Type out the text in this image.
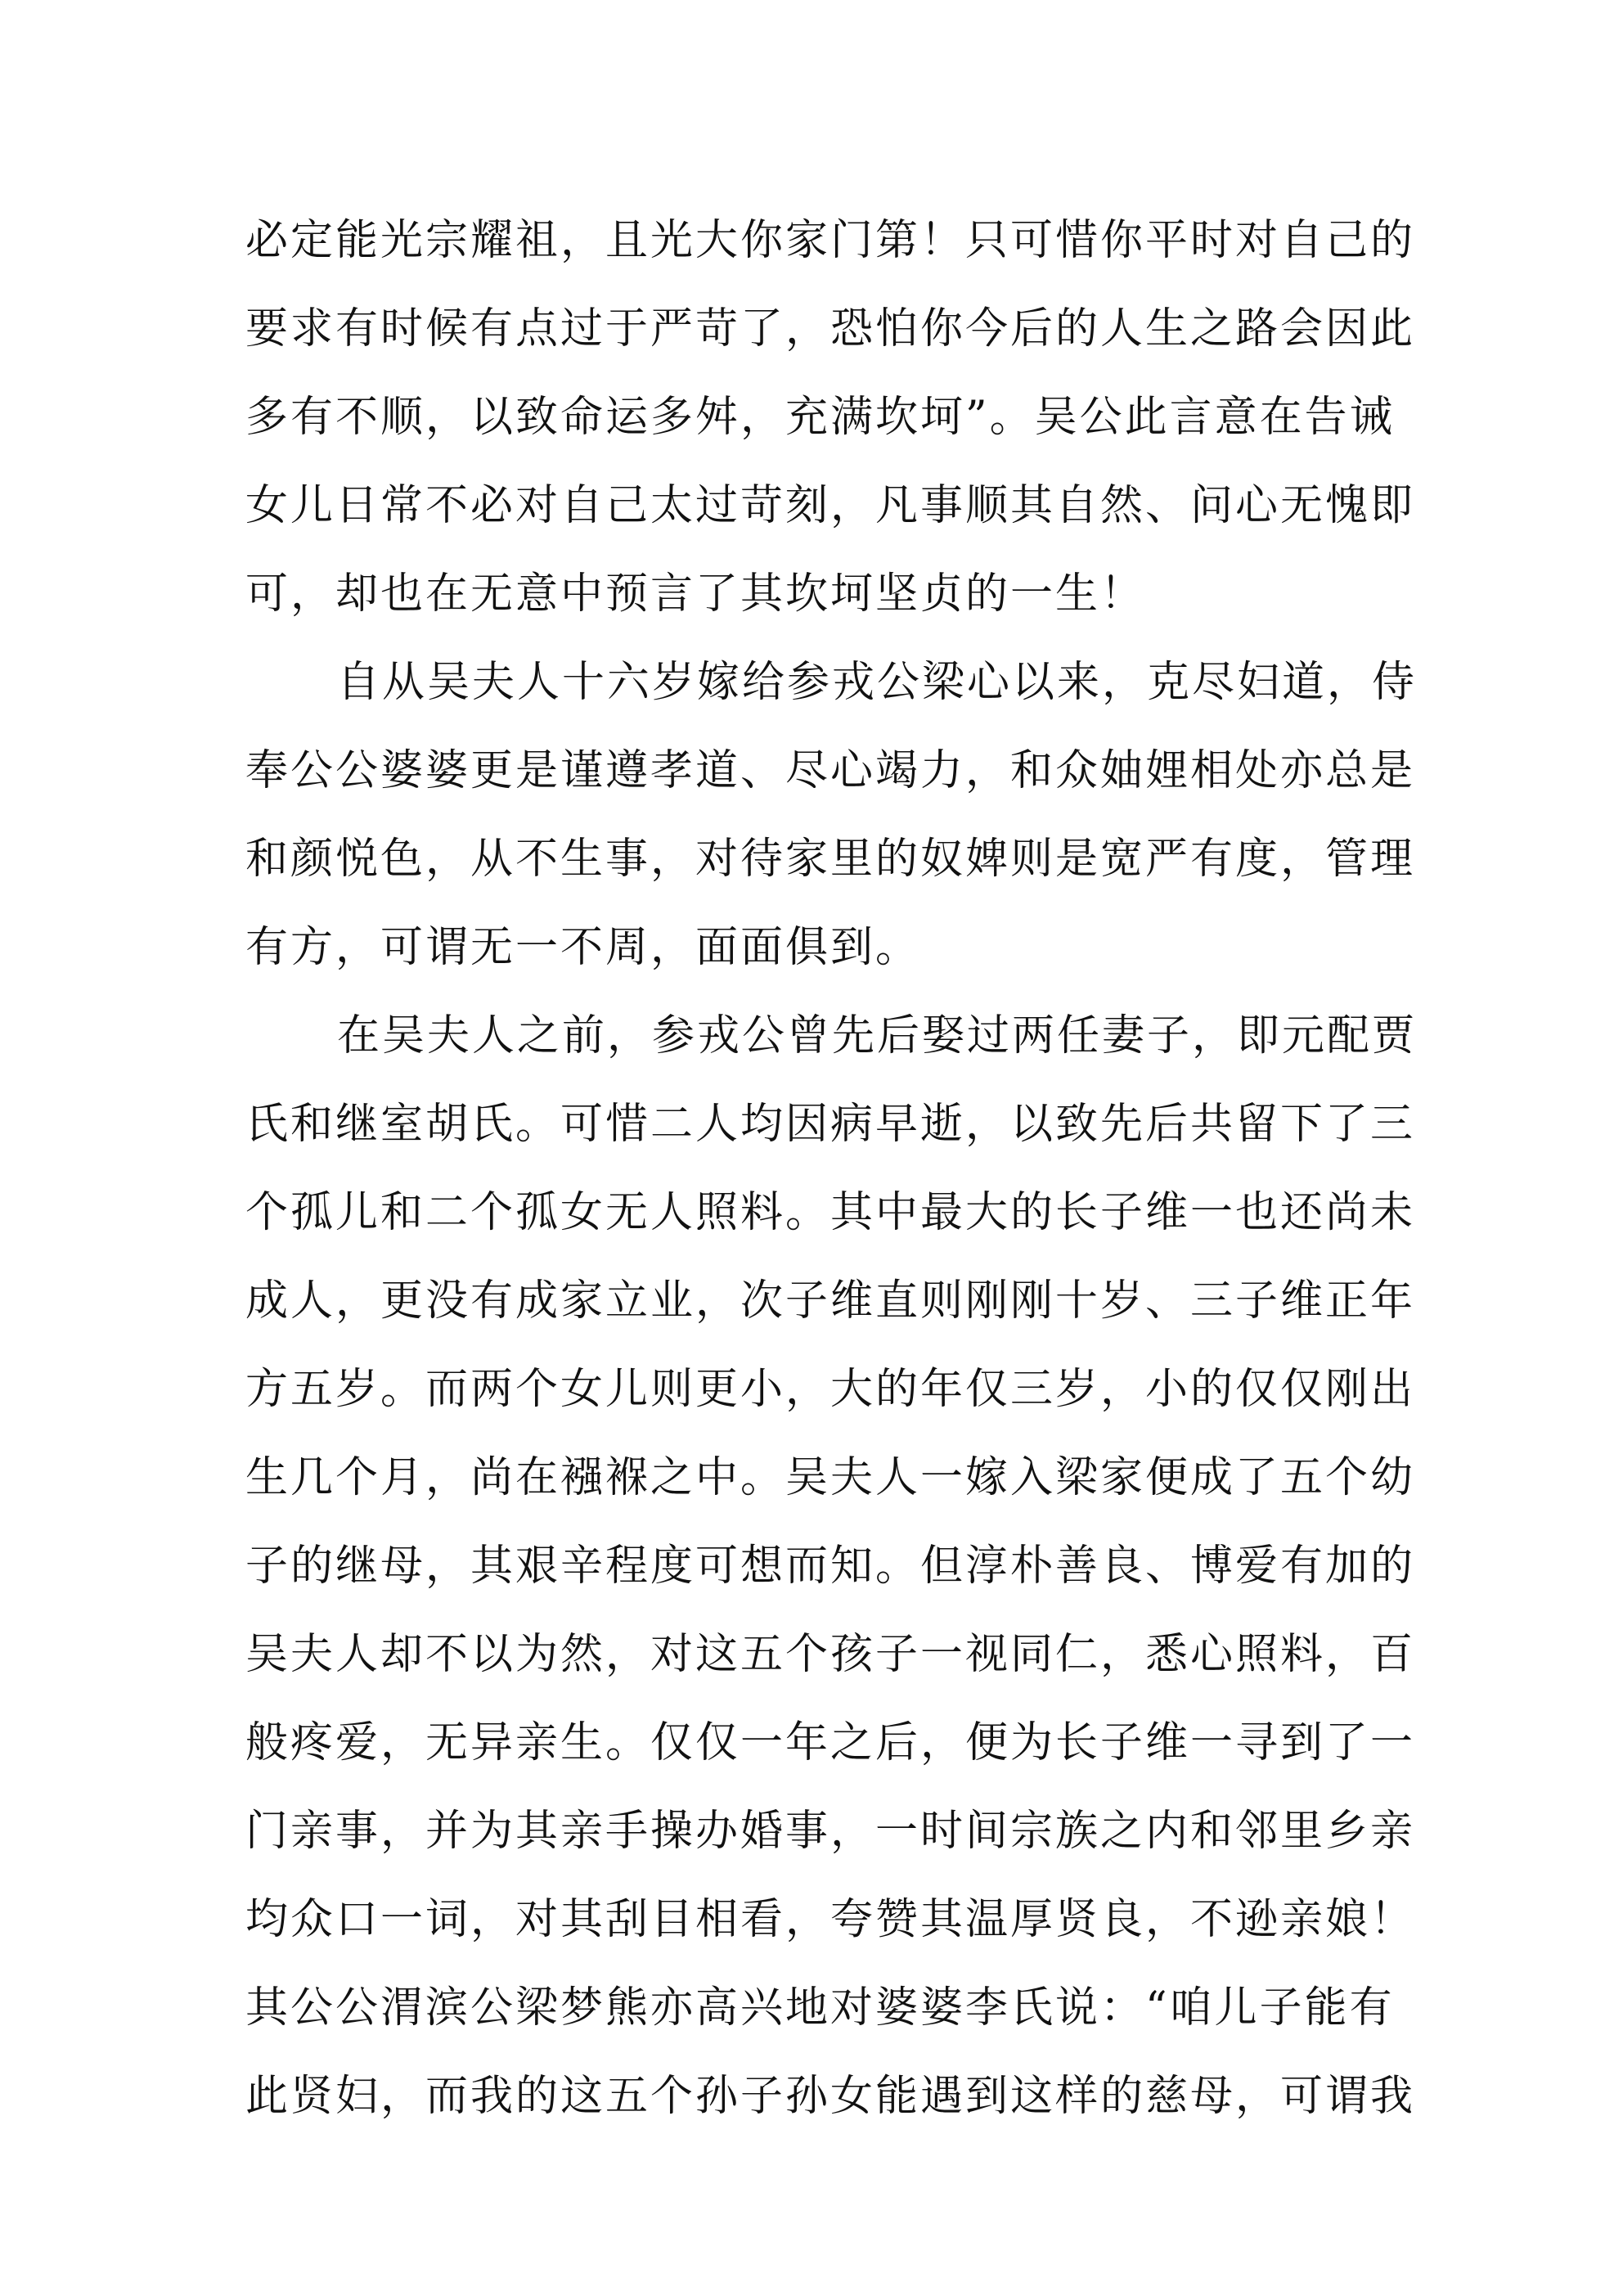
必定能光宗耀祖，且光大你家门第！只可惜你平时对自己的
要求有时候有点过于严苛了，恐怕你今后的人生之路会因此
多有不顺，以致命运多舛，充满坎坷”。吴公此言意在告诫
女儿日常不必对自己太过苛刻，凡事顺其自然、问心无愧即
可，却也在无意中预言了其坎坷坚贞的一生！
自从吴夫人十六岁嫁给参戎公梁心以来，克尽妇道，侍
奉公公婆婆更是谨遵孝道、尽心竭力，和众妯娌相处亦总是
和颜悦色，从不生事，对待家里的奴婢则是宽严有度，管理
有方，可谓无一不周，面面俱到。
在吴夫人之前，参戎公曾先后娶过两任妻子，即元配贾
氏和继室胡氏。可惜二人均因病早逝，以致先后共留下了三
个孤儿和二个孤女无人照料。其中最大的长子维一也还尚未
成人，更没有成家立业，次子维直则刚刚十岁、三子维正年
方五岁。而两个女儿则更小，大的年仅三岁，小的仅仅刚出
生几个月，尚在襁褓之中。吴夫人一嫁入梁家便成了五个幼
子的继母，其艰辛程度可想而知。但淳朴善良、博爱有加的
吴夫人却不以为然，对这五个孩子一视同仁，悉心照料，百
般疼爱，无异亲生。仅仅一年之后，便为长子维一寻到了一
门亲事，并为其亲手操办婚事，一时间宗族之内和邻里乡亲
均众口一词，对其刮目相看，夸赞其温厚贤良，不逊亲娘！
其公公渭滨公梁梦熊亦高兴地对婆婆李氏说：“咱儿子能有
此贤妇，而我的这五个孙子孙女能遇到这样的慈母，可谓我
